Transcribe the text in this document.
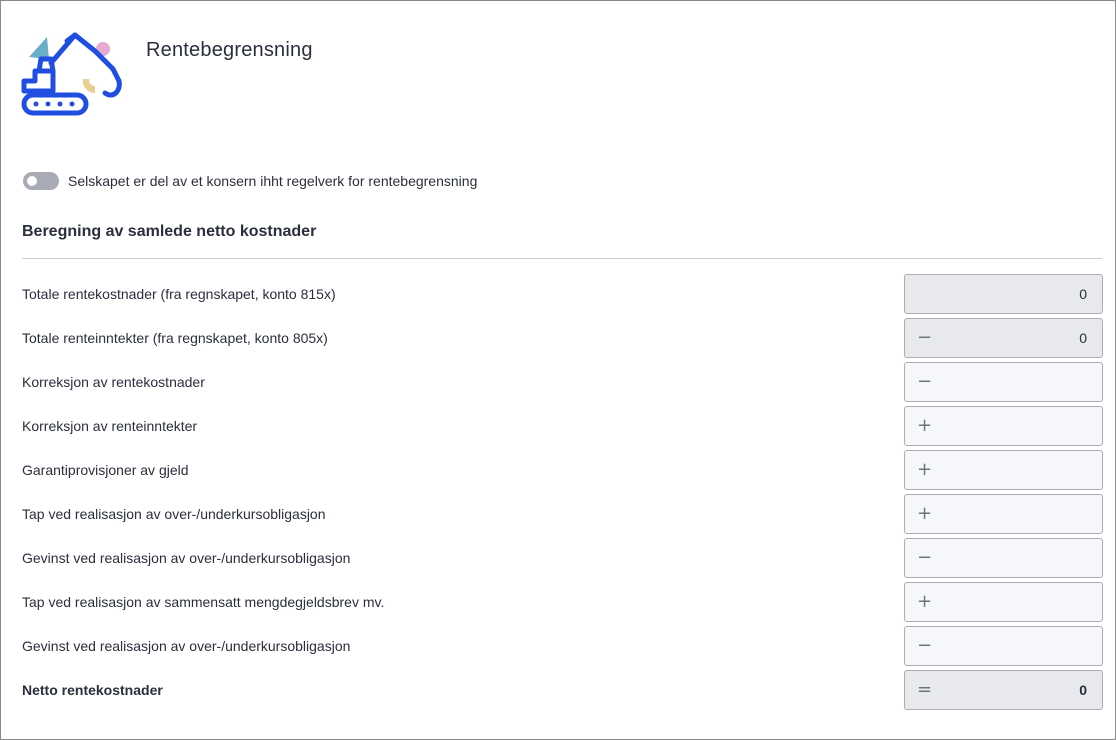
Rentebegrensning
Selskapet er del av et konsern ihht regelverk for rentebegrensning
Beregning av samlede netto kostnader
Totale rentekostnader (fra regnskapet, konto 815x)	0
Totale renteinntekter (fra regnskapet, konto 805x)	−	0
Korreksjon av rentekostnader	−
Korreksjon av renteinntekter	+
Garantiprovisjoner av gjeld	+
Tap ved realisasjon av over-/underkursobligasjon	+
Gevinst ved realisasjon av over-/underkursobligasjon	−
Tap ved realisasjon av sammensatt mengdegjeldsbrev mv.	+
Gevinst ved realisasjon av over-/underkursobligasjon	−
Netto rentekostnader	=	0
